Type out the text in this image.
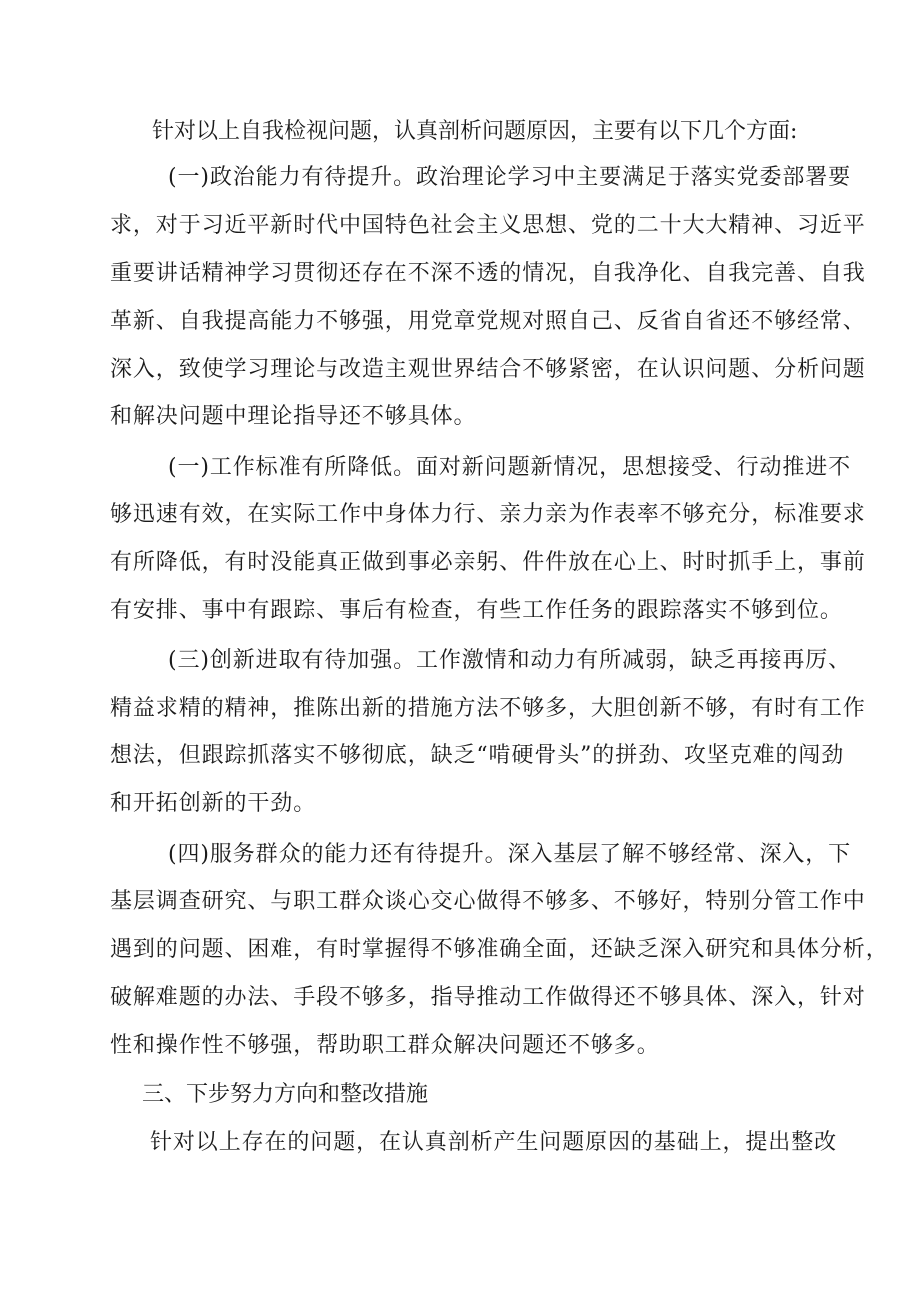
针对以上自我检视问题，认真剖析问题原因，主要有以下几个方面:
(一)政治能力有待提升。政治理论学习中主要满足于落实党委部署要
求，对于习近平新时代中国特色社会主义思想、党的二十大大精神、习近平
重要讲话精神学习贯彻还存在不深不透的情况，自我净化、自我完善、自我
革新、自我提高能力不够强，用党章党规对照自己、反省自省还不够经常、
深入，致使学习理论与改造主观世界结合不够紧密，在认识问题、分析问题
和解决问题中理论指导还不够具体。
(一)工作标准有所降低。面对新问题新情况，思想接受、行动推进不
够迅速有效，在实际工作中身体力行、亲力亲为作表率不够充分，标准要求
有所降低，有时没能真正做到事必亲躬、件件放在心上、时时抓手上，事前
有安排、事中有跟踪、事后有检查，有些工作任务的跟踪落实不够到位。
(三)创新进取有待加强。工作激情和动力有所减弱，缺乏再接再厉、
精益求精的精神，推陈出新的措施方法不够多，大胆创新不够，有时有工作
想法，但跟踪抓落实不够彻底，缺乏“啃硬骨头”的拼劲、攻坚克难的闯劲
和开拓创新的干劲。
(四)服务群众的能力还有待提升。深入基层了解不够经常、深入，下
基层调查研究、与职工群众谈心交心做得不够多、不够好，特别分管工作中
遇到的问题、困难，有时掌握得不够准确全面，还缺乏深入研究和具体分析，
破解难题的办法、手段不够多，指导推动工作做得还不够具体、深入，针对
性和操作性不够强，帮助职工群众解决问题还不够多。
三、下步努力方向和整改措施
针对以上存在的问题，在认真剖析产生问题原因的基础上，提出整改
